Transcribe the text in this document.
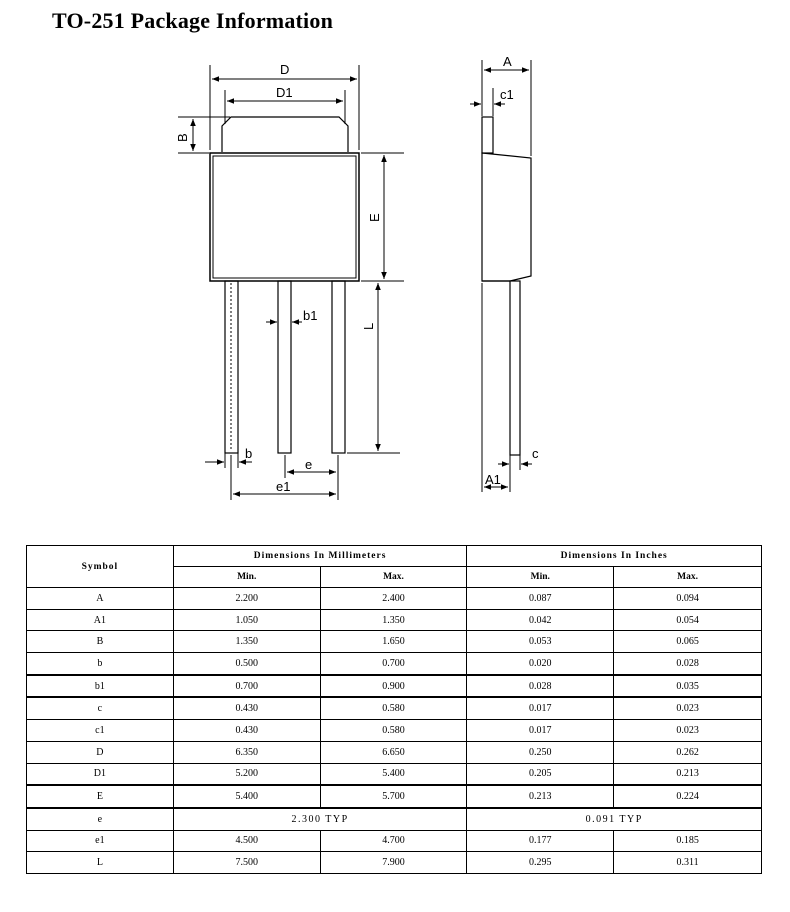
TO-251 Package Information
D
D1
B
E
L
b1
b
e
e1
A
c1
c
A1
Symbol	Dimensions In Millimeters		Dimensions In Inches	
	Min.	Max.	Min.	Max.
A	2.200	2.400	0.087	0.094
A1	1.050	1.350	0.042	0.054
B	1.350	1.650	0.053	0.065
b	0.500	0.700	0.020	0.028
b1	0.700	0.900	0.028	0.035
c	0.430	0.580	0.017	0.023
c1	0.430	0.580	0.017	0.023
D	6.350	6.650	0.250	0.262
D1	5.200	5.400	0.205	0.213
E	5.400	5.700	0.213	0.224
e	2.300 TYP		0.091 TYP	
e1	4.500	4.700	0.177	0.185
L	7.500	7.900	0.295	0.311
